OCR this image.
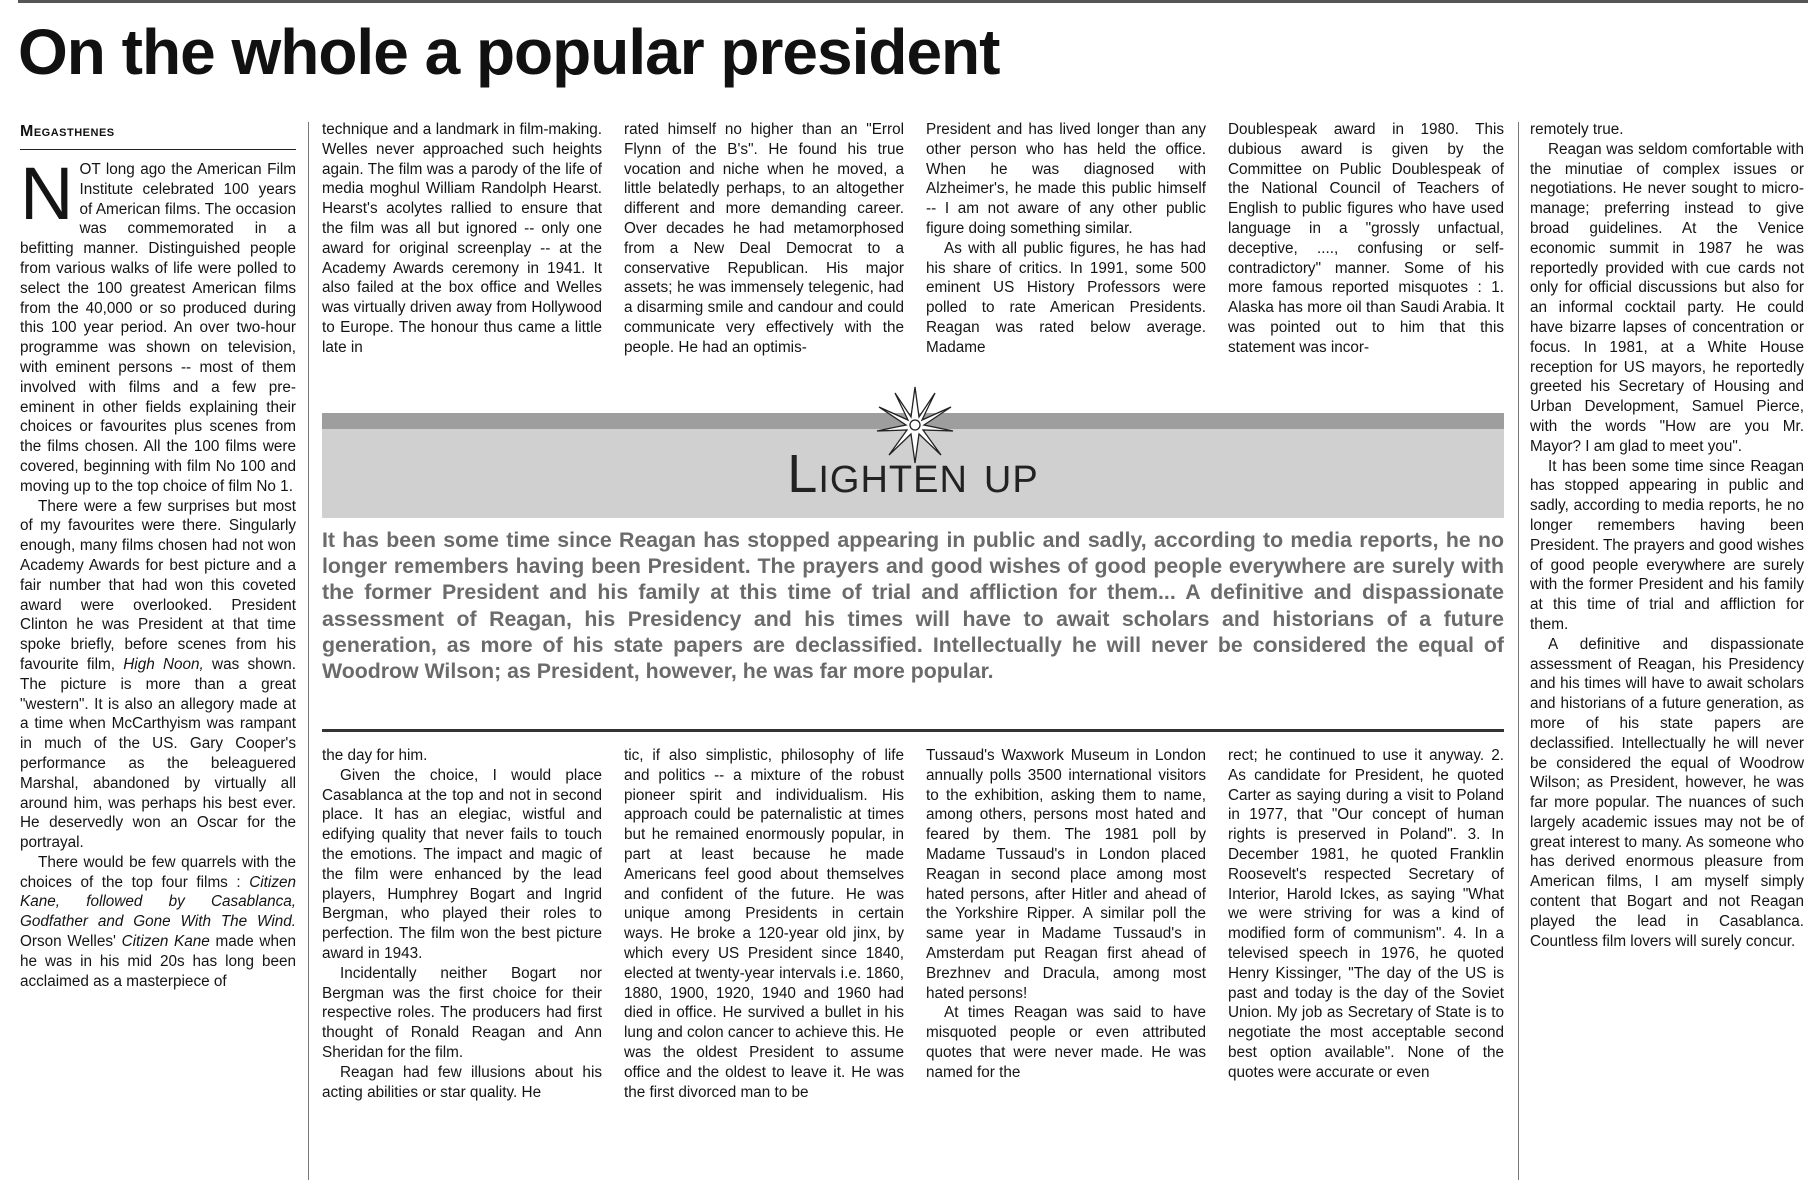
On the whole a popular president
Megasthenes

NOT long ago the American Film Institute celebrated 100 years of American films. The occasion was commemorated in a befitting manner. Distinguished people from various walks of life were polled to select the 100 greatest American films from the 40,000 or so produced during this 100 year period. An over two-hour programme was shown on television, with eminent persons -- most of them involved with films and a few pre-eminent in other fields explaining their choices or favourites plus scenes from the films chosen. All the 100 films were covered, beginning with film No 100 and moving up to the top choice of film No 1.

There were a few surprises but most of my favourites were there. Singularly enough, many films chosen had not won Academy Awards for best picture and a fair number that had won this coveted award were overlooked. President Clinton he was President at that time spoke briefly, before scenes from his favourite film, High Noon, was shown. The picture is more than a great "western". It is also an allegory made at a time when McCarthyism was rampant in much of the US. Gary Cooper's performance as the beleaguered Marshal, abandoned by virtually all around him, was perhaps his best ever. He deservedly won an Oscar for the portrayal.

There would be few quarrels with the choices of the top four films : Citizen Kane, followed by Casablanca, Godfather and Gone With The Wind. Orson Welles' Citizen Kane made when he was in his mid 20s has long been acclaimed as a masterpiece of

technique and a landmark in film-making. Welles never approached such heights again. The film was a parody of the life of media moghul William Randolph Hearst. Hearst's acolytes rallied to ensure that the film was all but ignored -- only one award for original screenplay -- at the Academy Awards ceremony in 1941. It also failed at the box office and Welles was virtually driven away from Hollywood to Europe. The honour thus came a little late in

rated himself no higher than an "Errol Flynn of the B's". He found his true vocation and niche when he moved, a little belatedly perhaps, to an altogether different and more demanding career. Over decades he had metamorphosed from a New Deal Democrat to a conservative Republican. His major assets; he was immensely telegenic, had a disarming smile and candour and could communicate very effectively with the people. He had an optimis-

President and has lived longer than any other person who has held the office. When he was diagnosed with Alzheimer's, he made this public himself -- I am not aware of any other public figure doing something similar.

As with all public figures, he has had his share of critics. In 1991, some 500 eminent US History Professors were polled to rate American Presidents. Reagan was rated below average. Madame

Doublespeak award in 1980. This dubious award is given by the Committee on Public Doublespeak of the National Council of Teachers of English to public figures who have used language in a "grossly unfactual, deceptive, ...., confusing or self-contradictory" manner. Some of his more famous reported misquotes : 1. Alaska has more oil than Saudi Arabia. It was pointed out to him that this statement was incor-

Lighten up

It has been some time since Reagan has stopped appearing in public and sadly, according to media reports, he no longer remembers having been President. The prayers and good wishes of good people everywhere are surely with the former President and his family at this time of trial and affliction for them... A definitive and dispassionate assessment of Reagan, his Presidency and his times will have to await scholars and historians of a future generation, as more of his state papers are declassified. Intellectually he will never be considered the equal of Woodrow Wilson; as President, however, he was far more popular.

the day for him.

Given the choice, I would place Casablanca at the top and not in second place. It has an elegiac, wistful and edifying quality that never fails to touch the emotions. The impact and magic of the film were enhanced by the lead players, Humphrey Bogart and Ingrid Bergman, who played their roles to perfection. The film won the best picture award in 1943.

Incidentally neither Bogart nor Bergman was the first choice for their respective roles. The producers had first thought of Ronald Reagan and Ann Sheridan for the film.

Reagan had few illusions about his acting abilities or star quality. He

tic, if also simplistic, philosophy of life and politics -- a mixture of the robust pioneer spirit and individualism. His approach could be paternalistic at times but he remained enormously popular, in part at least because he made Americans feel good about themselves and confident of the future. He was unique among Presidents in certain ways. He broke a 120-year old jinx, by which every US President since 1840, elected at twenty-year intervals i.e. 1860, 1880, 1900, 1920, 1940 and 1960 had died in office. He survived a bullet in his lung and colon cancer to achieve this. He was the oldest President to assume office and the oldest to leave it. He was the first divorced man to be

Tussaud's Waxwork Museum in London annually polls 3500 international visitors to the exhibition, asking them to name, among others, persons most hated and feared by them. The 1981 poll by Madame Tussaud's in London placed Reagan in second place among most hated persons, after Hitler and ahead of the Yorkshire Ripper. A similar poll the same year in Madame Tussaud's in Amsterdam put Reagan first ahead of Brezhnev and Dracula, among most hated persons!

At times Reagan was said to have misquoted people or even attributed quotes that were never made. He was named for the

rect; he continued to use it anyway. 2. As candidate for President, he quoted Carter as saying during a visit to Poland in 1977, that "Our concept of human rights is preserved in Poland". 3. In December 1981, he quoted Franklin Roosevelt's respected Secretary of Interior, Harold Ickes, as saying "What we were striving for was a kind of modified form of communism". 4. In a televised speech in 1976, he quoted Henry Kissinger, "The day of the US is past and today is the day of the Soviet Union. My job as Secretary of State is to negotiate the most acceptable second best option available". None of the quotes were accurate or even

remotely true.

Reagan was seldom comfortable with the minutiae of complex issues or negotiations. He never sought to micro-manage; preferring instead to give broad guidelines. At the Venice economic summit in 1987 he was reportedly provided with cue cards not only for official discussions but also for an informal cocktail party. He could have bizarre lapses of concentration or focus. In 1981, at a White House reception for US mayors, he reportedly greeted his Secretary of Housing and Urban Development, Samuel Pierce, with the words "How are you Mr. Mayor? I am glad to meet you".

It has been some time since Reagan has stopped appearing in public and sadly, according to media reports, he no longer remembers having been President. The prayers and good wishes of good people everywhere are surely with the former President and his family at this time of trial and affliction for them.

A definitive and dispassionate assessment of Reagan, his Presidency and his times will have to await scholars and historians of a future generation, as more of his state papers are declassified. Intellectually he will never be considered the equal of Woodrow Wilson; as President, however, he was far more popular. The nuances of such largely academic issues may not be of great interest to many. As someone who has derived enormous pleasure from American films, I am myself simply content that Bogart and not Reagan played the lead in Casablanca. Countless film lovers will surely concur.
